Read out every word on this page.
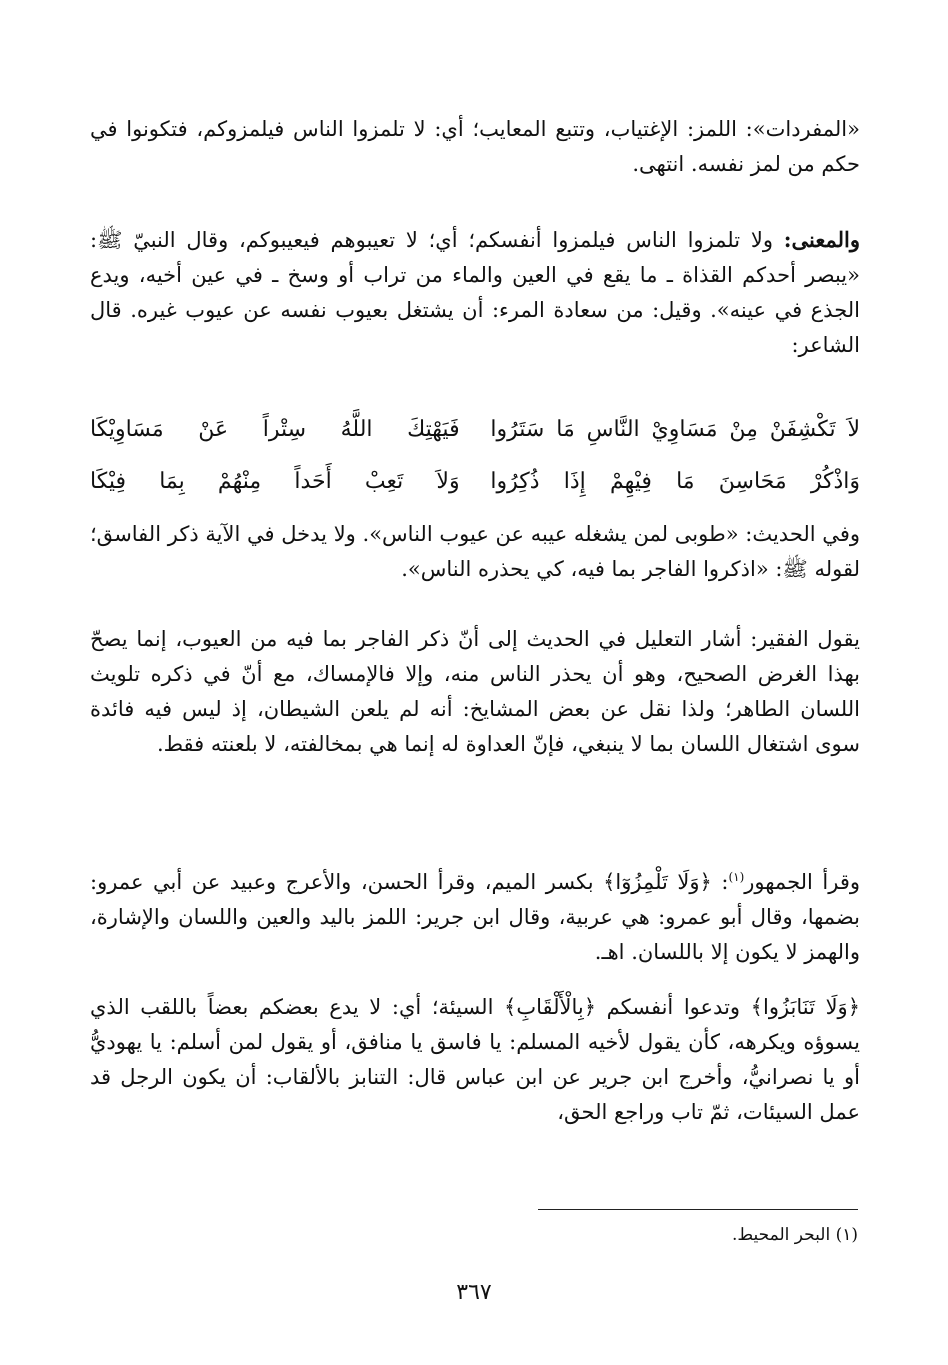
«المفردات»: اللمز: الإغتياب، وتتبع المعايب؛ أي: لا تلمزوا الناس فيلمزوكم، فتكونوا في حكم من لمز نفسه. انتهى.

والمعنى: ولا تلمزوا الناس فيلمزوا أنفسكم؛ أي؛ لا تعيبوهم فيعيبوكم، وقال النبيّ ﷺ: «يبصر أحدكم القذاة ـ ما يقع في العين والماء من تراب أو وسخ ـ في عين أخيه، ويدع الجذع في عينه». وقيل: من سعادة المرء: أن يشتغل بعيوب نفسه عن عيوب غيره. قال الشاعر:

لاَ تَكْشِفَنْ مِنْ مَسَاوِيْ النَّاسِ مَا سَتَرُوا
فَيَهْتِكَ اللَّهُ سِتْراً عَنْ مَسَاوِيْكَا
وَاذْكُرْ مَحَاسِنَ مَا فِيْهِمْ إِذَا ذُكِرُوا
وَلاَ تَعِبْ أَحَداً مِنْهُمْ بِمَا فِيْكَا

وفي الحديث: «طوبى لمن يشغله عيبه عن عيوب الناس». ولا يدخل في الآية ذكر الفاسق؛ لقوله ﷺ: «اذكروا الفاجر بما فيه، كي يحذره الناس».

يقول الفقير: أشار التعليل في الحديث إلى أنّ ذكر الفاجر بما فيه من العيوب، إنما يصحّ بهذا الغرض الصحيح، وهو أن يحذر الناس منه، وإلا فالإمساك، مع أنّ في ذكره تلويث اللسان الطاهر؛ ولذا نقل عن بعض المشايخ: أنه لم يلعن الشيطان، إذ ليس فيه فائدة سوى اشتغال اللسان بما لا ينبغي، فإنّ العداوة له إنما هي بمخالفته، لا بلعنته فقط.

وقرأ الجمهور$^{(١)}$: ﴿وَلَا تَلْمِزُوٓا﴾ بكسر الميم، وقرأ الحسن، والأعرج وعبيد عن أبي عمرو: بضمها، وقال أبو عمرو: هي عربية، وقال ابن جرير: اللمز باليد والعين واللسان والإشارة، والهمز لا يكون إلا باللسان. اهـ.

﴿وَلَا تَنَابَزُوا﴾ وتدعوا أنفسكم ﴿بِالْأَلْقَابِ﴾ السيئة؛ أي: لا يدع بعضكم بعضاً باللقب الذي يسوؤه ويكرهه، كأن يقول لأخيه المسلم: يا فاسق يا منافق، أو يقول لمن أسلم: يا يهوديُّ أو يا نصرانيُّ، وأخرج ابن جرير عن ابن عباس قال: التنابز بالألقاب: أن يكون الرجل قد عمل السيئات، ثمّ تاب وراجع الحق،

(١) البحر المحيط.
٣٦٧
